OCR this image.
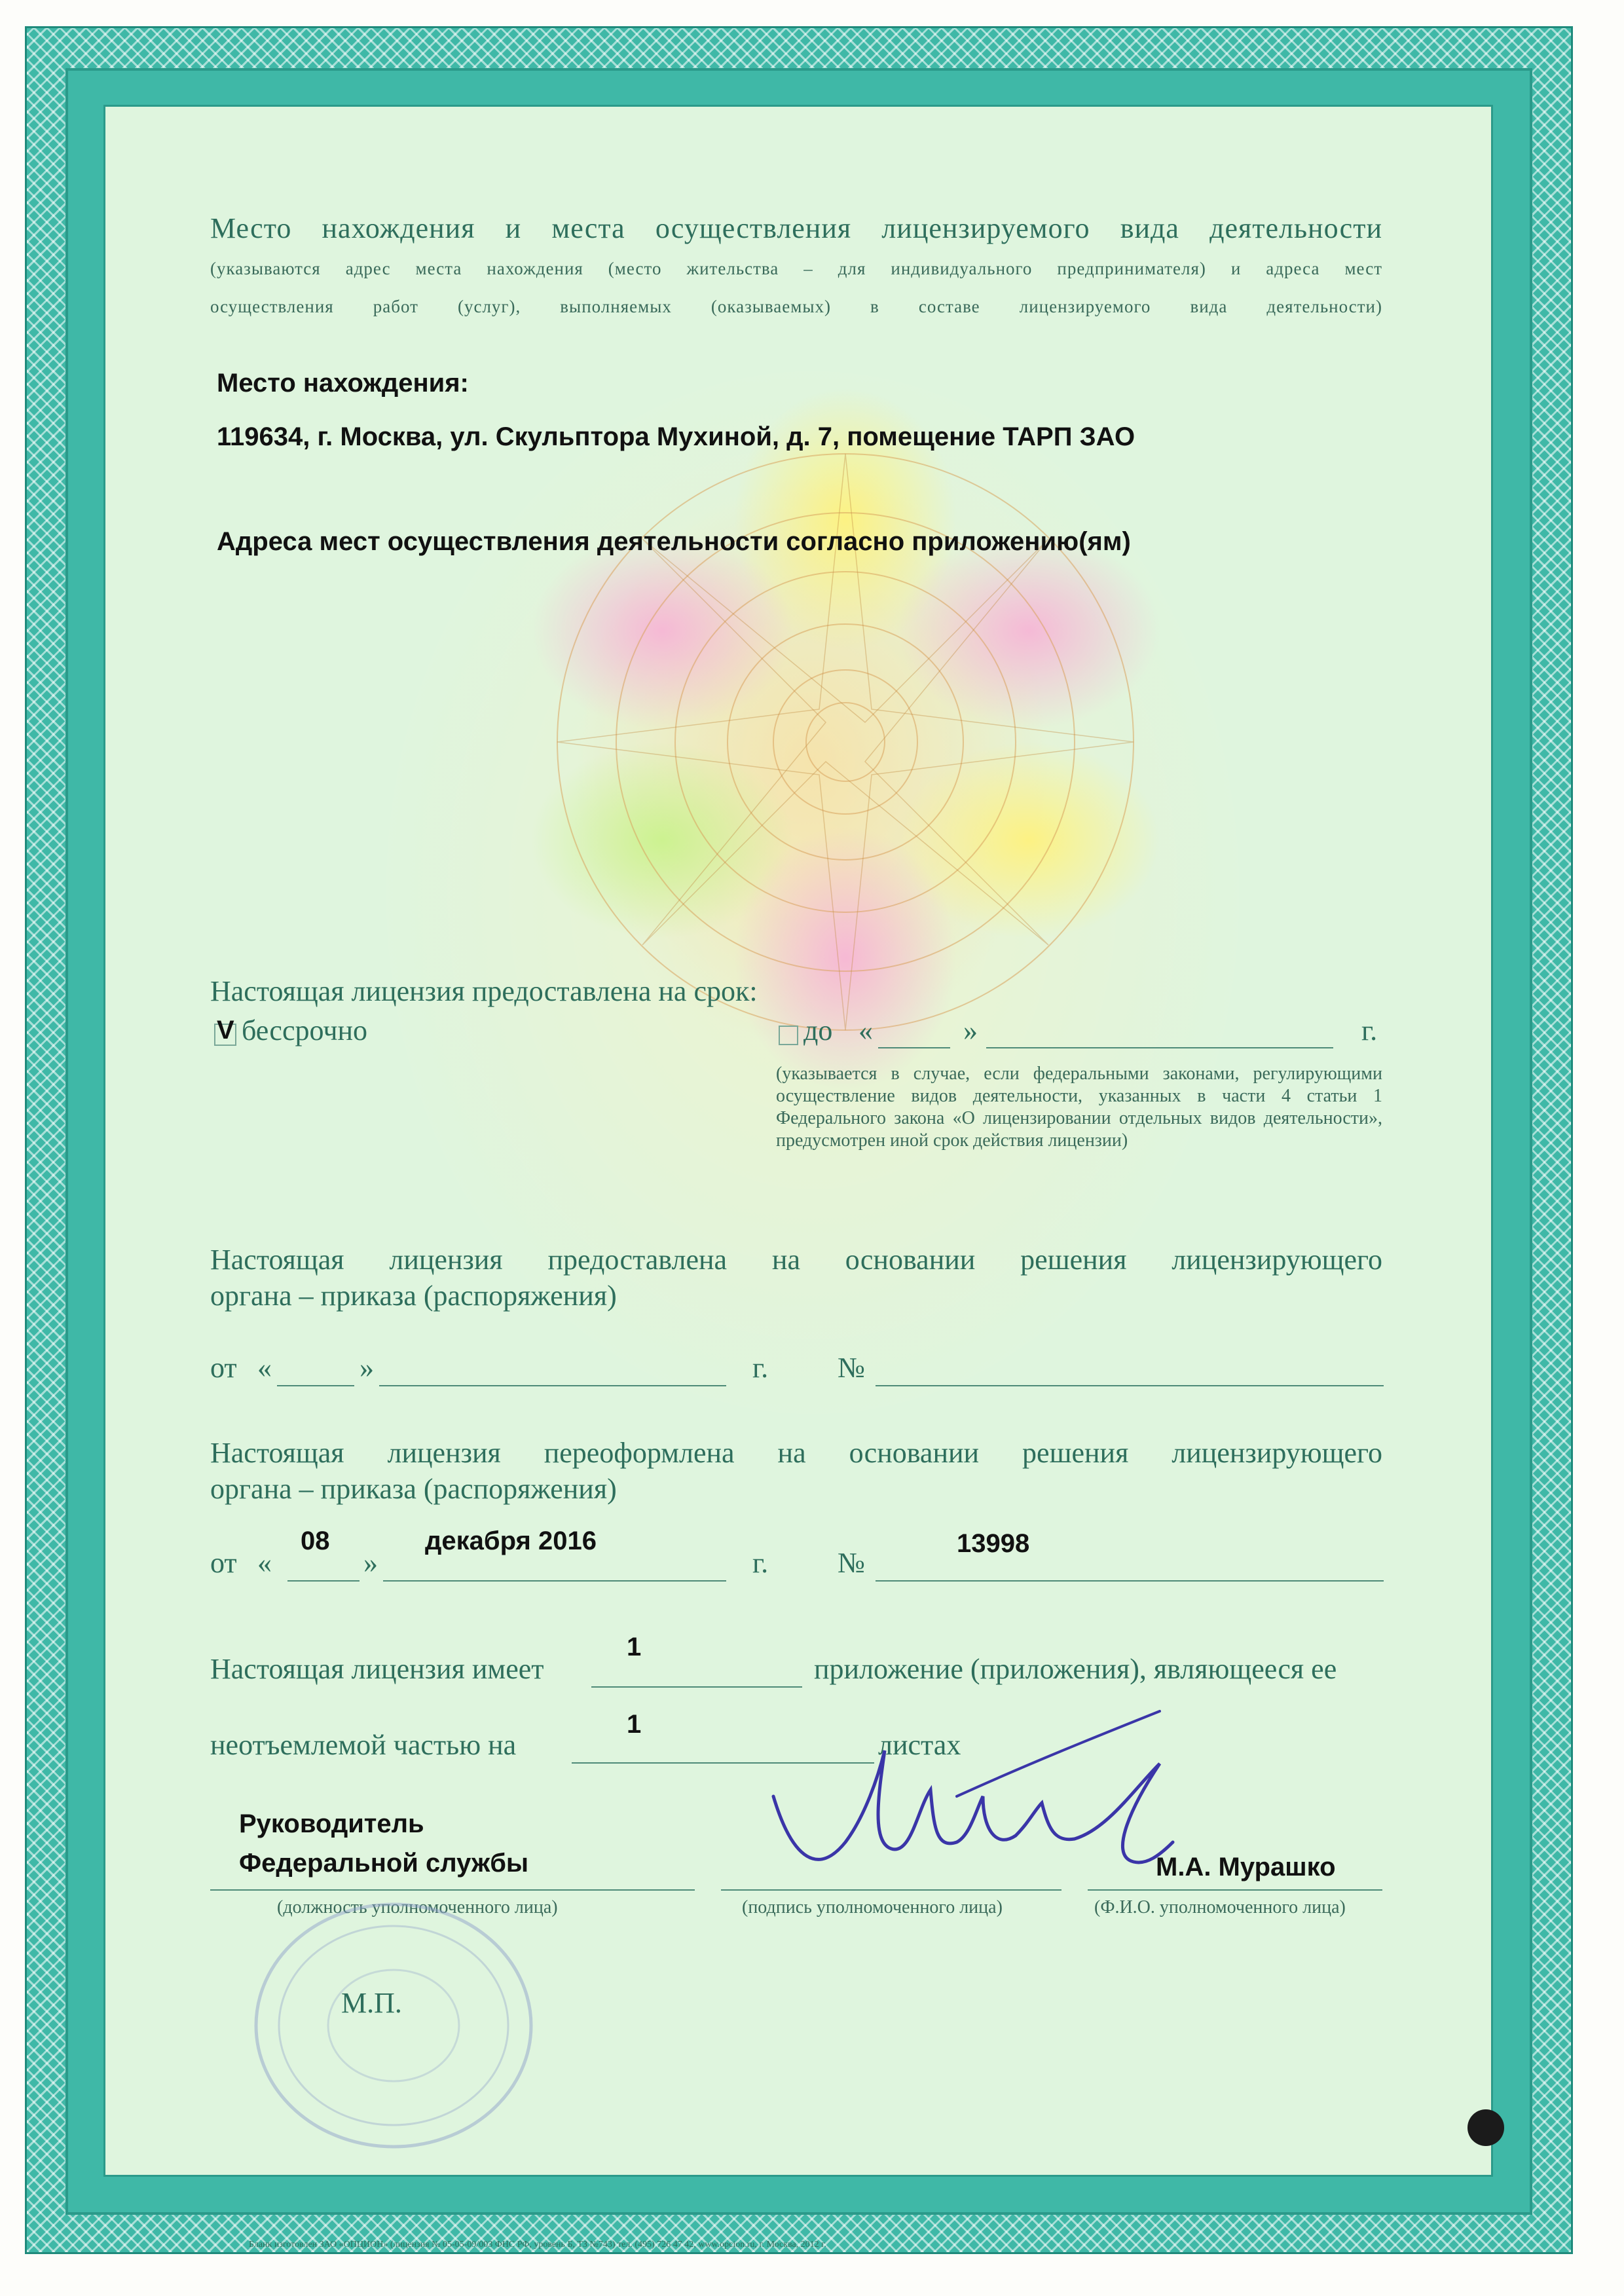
Место нахождения и места осуществления лицензируемого вида деятельности
(указываются адрес места нахождения (место жительства – для индивидуального предпринимателя) и адреса мест
осуществления работ (услуг), выполняемых (оказываемых) в составе лицензируемого вида деятельности)
Место нахождения:
119634, г. Москва, ул. Скульптора Мухиной, д. 7, помещение ТАРП ЗАО
Адреса мест осуществления деятельности согласно приложению(ям)
Настоящая лицензия предоставлена на срок:
V бессрочно	до «	»	г.
(указывается в случае, если федеральными законами, регулирующими осуществление видов деятельности, указанных в части 4 статьи 1 Федерального закона «О лицензировании отдельных видов деятельности», предусмотрен иной срок действия лицензии)
Настоящая лицензия предоставлена на основании решения лицензирующего
органа – приказа (распоряжения)
от «	»	г. №
Настоящая лицензия переоформлена на основании решения лицензирующего
органа – приказа (распоряжения)
от «
08
»
декабря 2016
г. №
13998
Настоящая лицензия имеет
1
приложение (приложения), являющееся ее
неотъемлемой частью на
1
листах
Руководитель
Федеральной службы	М.А. Мурашко
(должность уполномоченного лица)	(подпись уполномоченного лица)	(Ф.И.О. уполномоченного лица)
М.П.
Бланк изготовлен ЗАО «ОПЦИОН» (лицензия № 05-05-09/003 ФНС РФ, уровень Б, ТЗ №743) тел. (495) 726 47 42, www.opcion.ru, г. Москва, 2012 г.
